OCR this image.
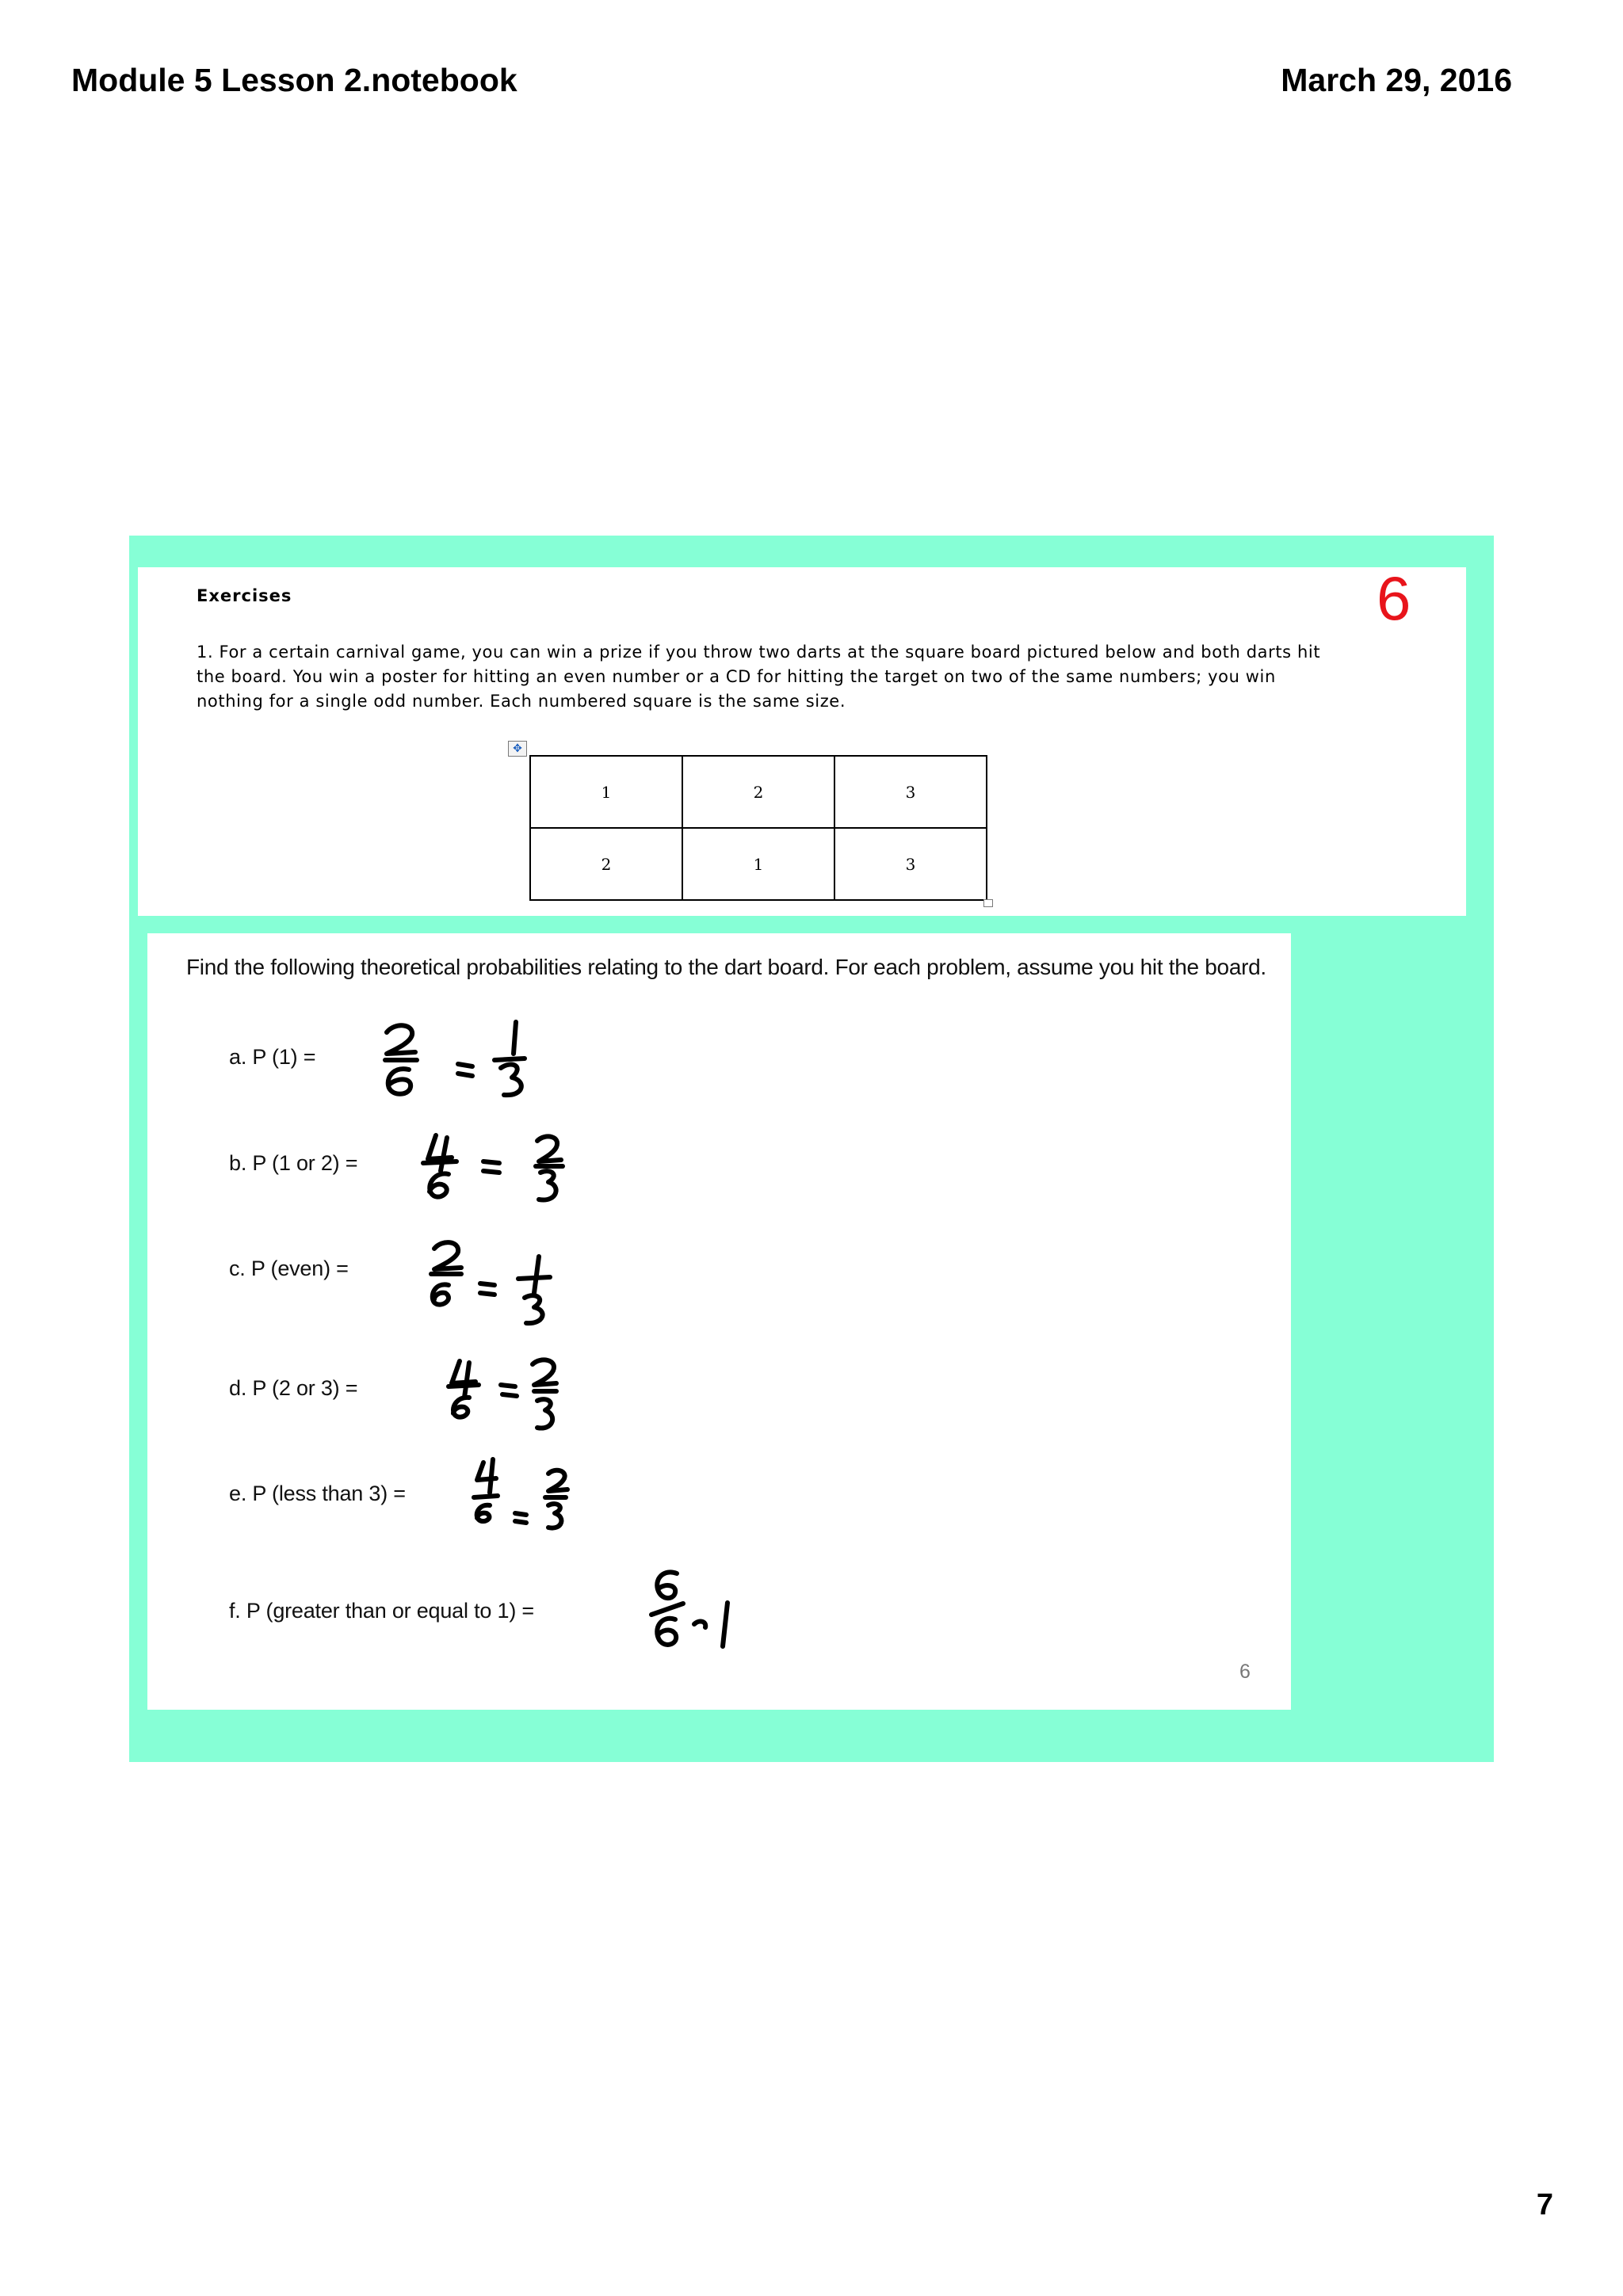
Module 5 Lesson 2.notebook	March 29, 2016
Exercises	6
1. For a certain carnival game, you can win a prize if you throw two darts at the square board pictured below and both darts hit the board. You win a poster for hitting an even number or a CD for hitting the target on two of the same numbers; you win nothing for a single odd number. Each numbered square is the same size.
✥
1	2	3
2	1	3
Find the following theoretical probabilities relating to the dart board. For each problem, assume you hit the board.
a. P (1) =
b. P (1 or 2) =
c. P (even) =
d. P (2 or 3) =
e. P (less than 3) =
f. P (greater than or equal to 1) =
6
7
